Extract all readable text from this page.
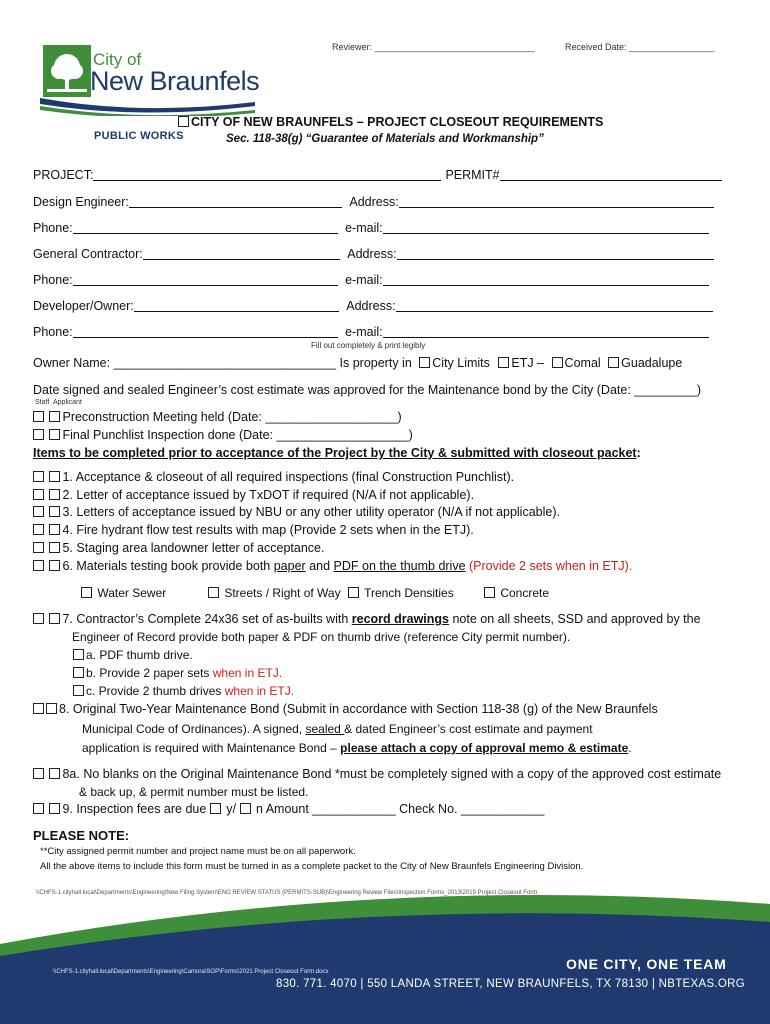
Reviewer: ________________________________	Received Date: _________________
City of
New Braunfels
PUBLIC WORKS
CITY OF NEW BRAUNFELS – PROJECT CLOSEOUT REQUIREMENTS
Sec. 118-38(g) “Guarantee of Materials and Workmanship”
PROJECT:	PERMIT#
Design Engineer:	Address:
Phone:	e-mail:
General Contractor:	Address:
Phone:	e-mail:
Developer/Owner:	Address:
Phone:	e-mail:
Fill out completely & print legibly
Owner Name: ________________________________ Is property in City Limits ETJ – Comal Guadalupe
Date signed and sealed Engineer’s cost estimate was approved for the Maintenance bond by the City (Date: _________)
Staff Applicant
Preconstruction Meeting held (Date: ___________________)
Final Punchlist Inspection done (Date: ___________________)
Items to be completed prior to acceptance of the Project by the City & submitted with closeout packet:
1. Acceptance & closeout of all required inspections (final Construction Punchlist).
2. Letter of acceptance issued by TxDOT if required (N/A if not applicable).
3. Letters of acceptance issued by NBU or any other utility operator (N/A if not applicable).
4. Fire hydrant flow test results with map (Provide 2 sets when in the ETJ).
5. Staging area landowner letter of acceptance.
6. Materials testing book provide both paper and PDF on the thumb drive (Provide 2 sets when in ETJ).
Water Sewer	Streets / Right of Way	Trench Densities	Concrete
7. Contractor’s Complete 24x36 set of as-builts with record drawings note on all sheets, SSD and approved by the
Engineer of Record provide both paper & PDF on thumb drive (reference City permit number).
a. PDF thumb drive.
b. Provide 2 paper sets when in ETJ.
c. Provide 2 thumb drives when in ETJ.
8. Original Two-Year Maintenance Bond (Submit in accordance with Section 118-38 (g) of the New Braunfels
Municipal Code of Ordinances). A signed, sealed & dated Engineer’s cost estimate and payment
application is required with Maintenance Bond – please attach a copy of approval memo & estimate.
8a. No blanks on the Original Maintenance Bond *must be completely signed with a copy of the approved cost estimate
& back up, & permit number must be listed.
9. Inspection fees are due  y/  n Amount ____________ Check No. ____________
PLEASE NOTE:
**City assigned permit number and project name must be on all paperwork.
All the above items to include this form must be turned in as a complete packet to the City of New Braunfels Engineering Division.
\\CHFS-1.cityhall.local\Departments\Engineering\New Filing System\ENG REVIEW STATUS (PERMITS-SUB)\Engineering Review Files\Inspection Forms_2013\2019 Project Closeout Form
\\CHFS-1.cityhall.local\Departments\Engineering\Camora\SOP\Forms\2021 Project Closeout Form.docx	ONE CITY, ONE TEAM
830. 771. 4070 | 550 LANDA STREET, NEW BRAUNFELS, TX 78130 | NBTEXAS.ORG
